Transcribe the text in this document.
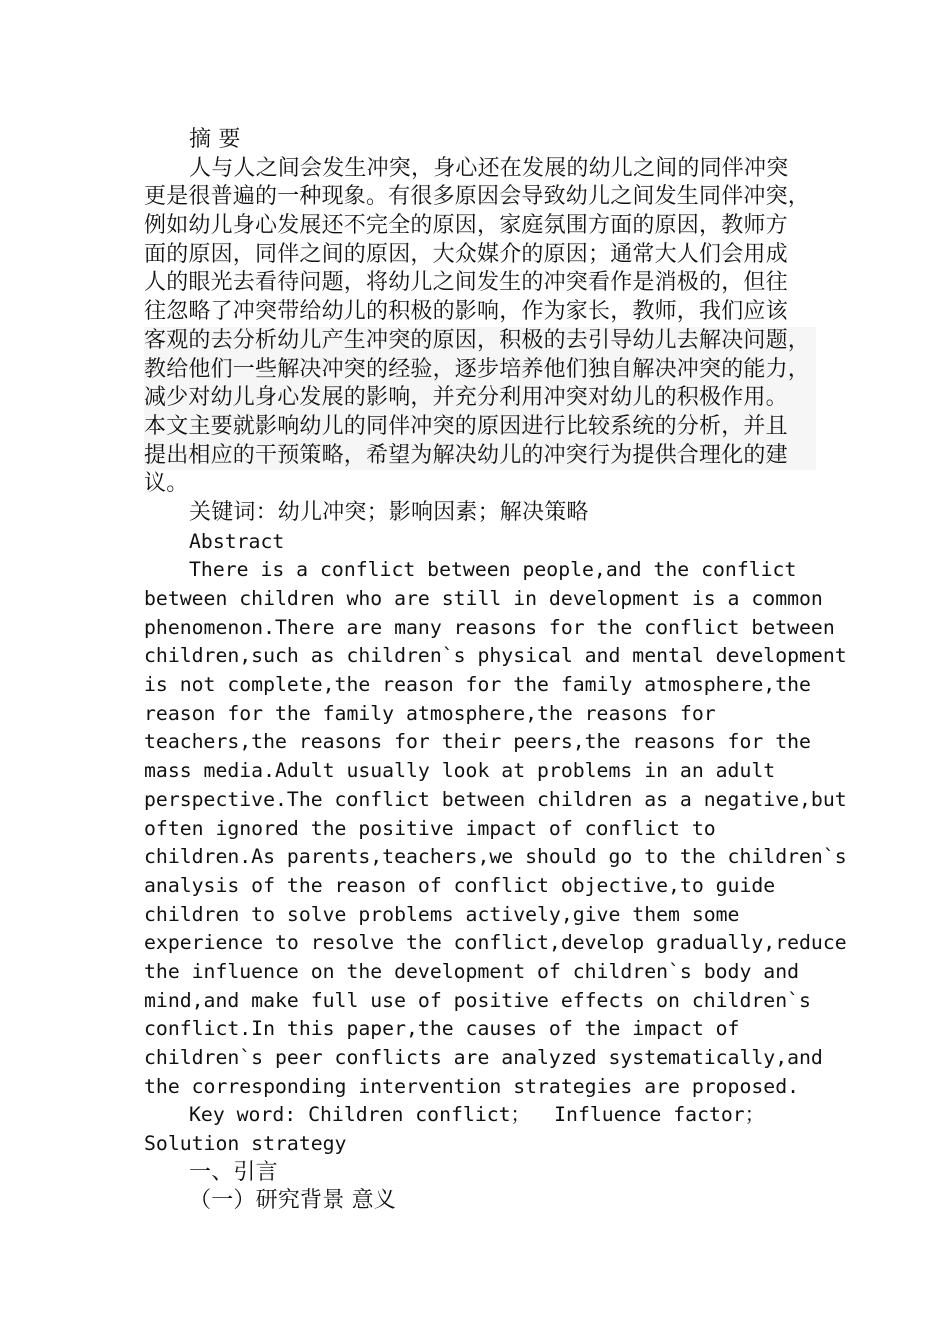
摘 要
人与人之间会发生冲突，身心还在发展的幼儿之间的同伴冲突
更是很普遍的一种现象。有很多原因会导致幼儿之间发生同伴冲突，
例如幼儿身心发展还不完全的原因，家庭氛围方面的原因，教师方
面的原因，同伴之间的原因，大众媒介的原因；通常大人们会用成
人的眼光去看待问题，将幼儿之间发生的冲突看作是消极的，但往
往忽略了冲突带给幼儿的积极的影响，作为家长，教师，我们应该
客观的去分析幼儿产生冲突的原因，积极的去引导幼儿去解决问题，
教给他们一些解决冲突的经验，逐步培养他们独自解决冲突的能力，
减少对幼儿身心发展的影响，并充分利用冲突对幼儿的积极作用。
本文主要就影响幼儿的同伴冲突的原因进行比较系统的分析，并且
提出相应的干预策略，希望为解决幼儿的冲突行为提供合理化的建
议。
关键词：幼儿冲突；影响因素；解决策略
Abstract
There is a conflict between people,and the conflict
between children who are still in development is a common
phenomenon.There are many reasons for the conflict between
children,such as children`s physical and mental development
is not complete,the reason for the family atmosphere,the
reason for the family atmosphere,the reasons for
teachers,the reasons for their peers,the reasons for the
mass media.Adult usually look at problems in an adult
perspective.The conflict between children as a negative,but
often ignored the positive impact of conflict to
children.As parents,teachers,we should go to the children`s
analysis of the reason of conflict objective,to guide
children to solve problems actively,give them some
experience to resolve the conflict,develop gradually,reduce
the influence on the development of children`s body and
mind,and make full use of positive effects on children`s
conflict.In this paper,the causes of the impact of
children`s peer conflicts are analyzed systematically,and
the corresponding intervention strategies are proposed.
Key word: Children conflict；  Influence factor；
Solution strategy
一、引言
（一）研究背景 意义
